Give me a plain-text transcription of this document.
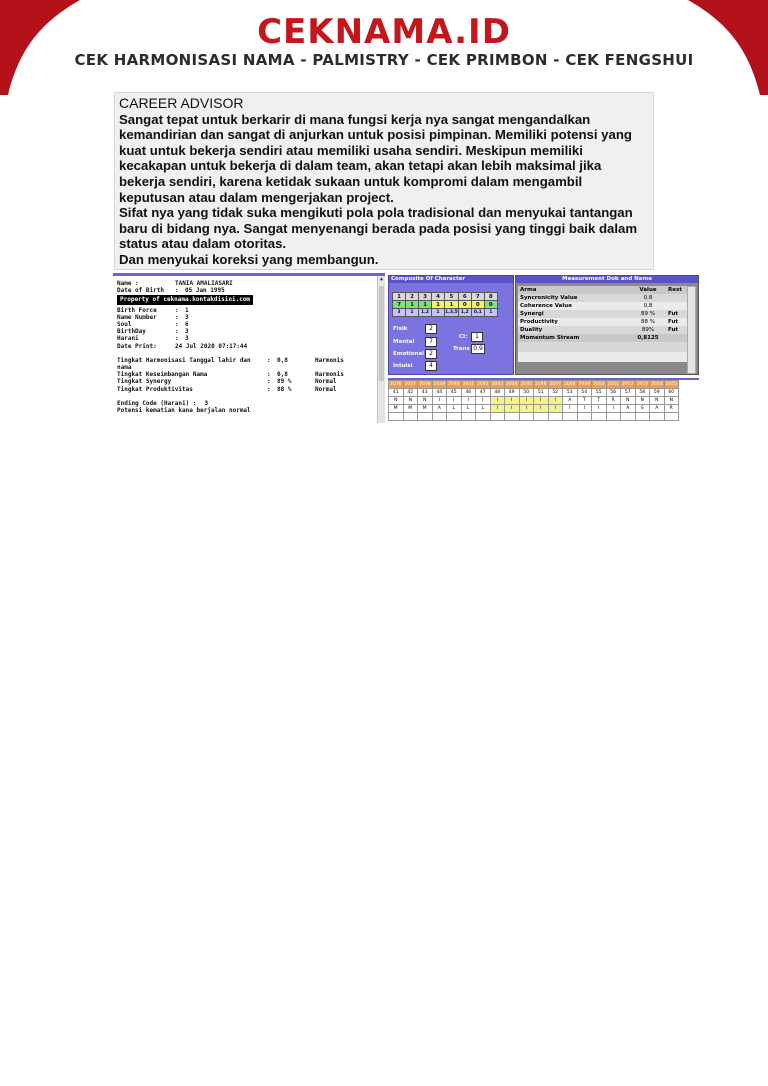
CEKNAMA.ID
CEK HARMONISASI NAMA - PALMISTRY - CEK PRIMBON - CEK FENGSHUI
CAREER ADVISOR

Sangat tepat untuk berkarir di mana fungsi kerja nya sangat mengandalkan kemandirian dan sangat di anjurkan untuk posisi pimpinan. Memiliki potensi yang kuat untuk bekerja sendiri atau memiliki usaha sendiri. Meskipun memiliki kecakapan untuk bekerja di dalam team, akan tetapi akan lebih maksimal jika bekerja sendiri, karena ketidak sukaan untuk kompromi dalam mengambil keputusan atau dalam mengerjakan project.

Sifat nya yang tidak suka mengikuti pola pola tradisional dan menyukai tantangan baru di bidang nya. Sangat menyenangi berada pada posisi yang tinggi baik dalam status atau dalam otoritas.

Dan menyukai koreksi yang membangun.

Name :	TANIA AMALIASARI
Date of Birth	:	05 Jan 1995
Property of ceknama.kontakdisini.com
Birth Force	:	1
Name Number	:	3
Soul	:	6
BirthDay	:	3
Harani	:	3
Date Print:	24 Jul 2020 07:17:44
Tingkat Harmonisasi Tanggal lahir dan nama
:	0,8	Harmonis
Tingkat Keseimbangan Nama	:	0,8	Harmonis
Tingkat Synergy	:	89 %	Normal
Tingkat Produktivitas	:	88 %	Normal
Ending Code (Harani) : 3
Potensi kematian kana berjalan normal
▲	Composite Of Character
1	2	3	4	5	6	7	8
7	1	1	1	1	0	0	0
3	1	1,2	1	1,3,5	1,2	0,1	1
Fisik	2
Mental	7
Emotional 2
Intuisi	4
CI:	1
Trans 0.9
Measurement Dob and Name
Arma	Value	Rest
Syncronicity Value	0,8
Coherence Value	0,8
Synergi	89 %	Fut
Productivity	88 %	Fut
Duality	89%	Fut
Momentum Stream	0,8125
2036	2037	2038	2039	2040	2041	2042	2043	2044	2045	2046	2047	2048	2049	2050	2051	2052	2053	2054	2055
41	42	43	44	45	46	47	48	49	50	51	52	53	54	55	56	57	58	59	60
N	N	N	I	I	I	I	I	I	I	I	I	A	T	T	R	N	N	N	N
M	M	M	A	L	L	L	I	I	I	I	I	I	I	I	I	A	S	A	R
